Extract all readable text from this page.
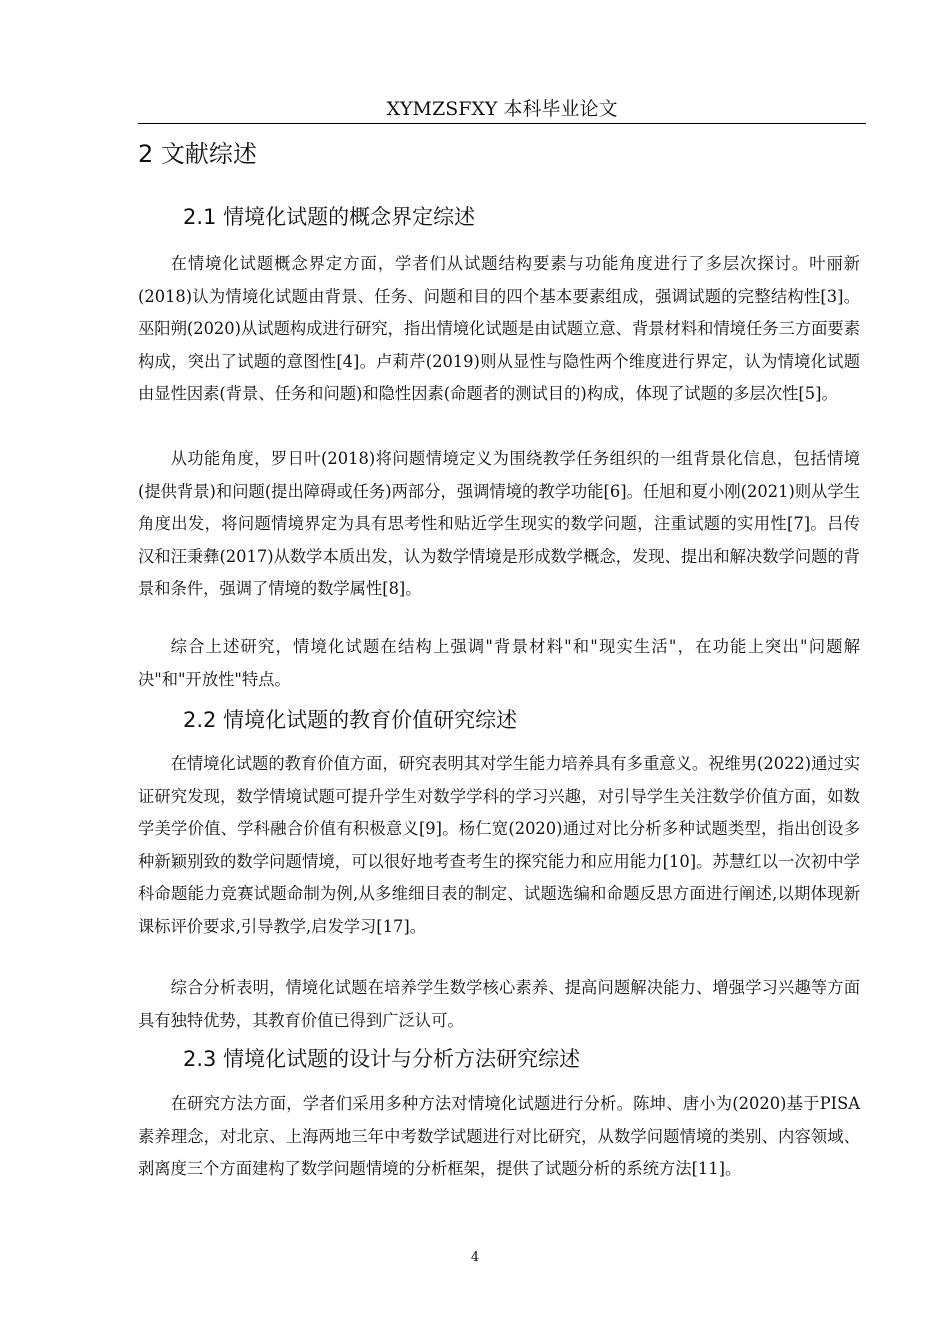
XYMZSFXY 本科毕业论文
2 文献综述
2.1 情境化试题的概念界定综述

在情境化试题概念界定方面，学者们从试题结构要素与功能角度进行了多层次探讨。叶丽新(2018)认为情境化试题由背景、任务、问题和目的四个基本要素组成，强调试题的完整结构性[3]。巫阳朔(2020)从试题构成进行研究，指出情境化试题是由试题立意、背景材料和情境任务三方面要素构成，突出了试题的意图性[4]。卢莉芹(2019)则从显性与隐性两个维度进行界定，认为情境化试题由显性因素(背景、任务和问题)和隐性因素(命题者的测试目的)构成，体现了试题的多层次性[5]。

从功能角度，罗日叶(2018)将问题情境定义为围绕教学任务组织的一组背景化信息，包括情境(提供背景)和问题(提出障碍或任务)两部分，强调情境的教学功能[6]。任旭和夏小刚(2021)则从学生角度出发，将问题情境界定为具有思考性和贴近学生现实的数学问题，注重试题的实用性[7]。吕传汉和汪秉彝(2017)从数学本质出发，认为数学情境是形成数学概念，发现、提出和解决数学问题的背景和条件，强调了情境的数学属性[8]。

综合上述研究，情境化试题在结构上强调"背景材料"和"现实生活"，在功能上突出"问题解决"和"开放性"特点。

2.2 情境化试题的教育价值研究综述

在情境化试题的教育价值方面，研究表明其对学生能力培养具有多重意义。祝维男(2022)通过实证研究发现，数学情境试题可提升学生对数学学科的学习兴趣，对引导学生关注数学价值方面，如数学美学价值、学科融合价值有积极意义[9]。杨仁宽(2020)通过对比分析多种试题类型，指出创设多种新颖别致的数学问题情境，可以很好地考查考生的探究能力和应用能力[10]。苏慧红以一次初中学科命题能力竞赛试题命制为例,从多维细目表的制定、试题选编和命题反思方面进行阐述,以期体现新课标评价要求,引导教学,启发学习[17]。

综合分析表明，情境化试题在培养学生数学核心素养、提高问题解决能力、增强学习兴趣等方面具有独特优势，其教育价值已得到广泛认可。

2.3 情境化试题的设计与分析方法研究综述

在研究方法方面，学者们采用多种方法对情境化试题进行分析。陈坤、唐小为(2020)基于PISA素养理念，对北京、上海两地三年中考数学试题进行对比研究，从数学问题情境的类别、内容领域、剥离度三个方面建构了数学问题情境的分析框架，提供了试题分析的系统方法[11]。

4
